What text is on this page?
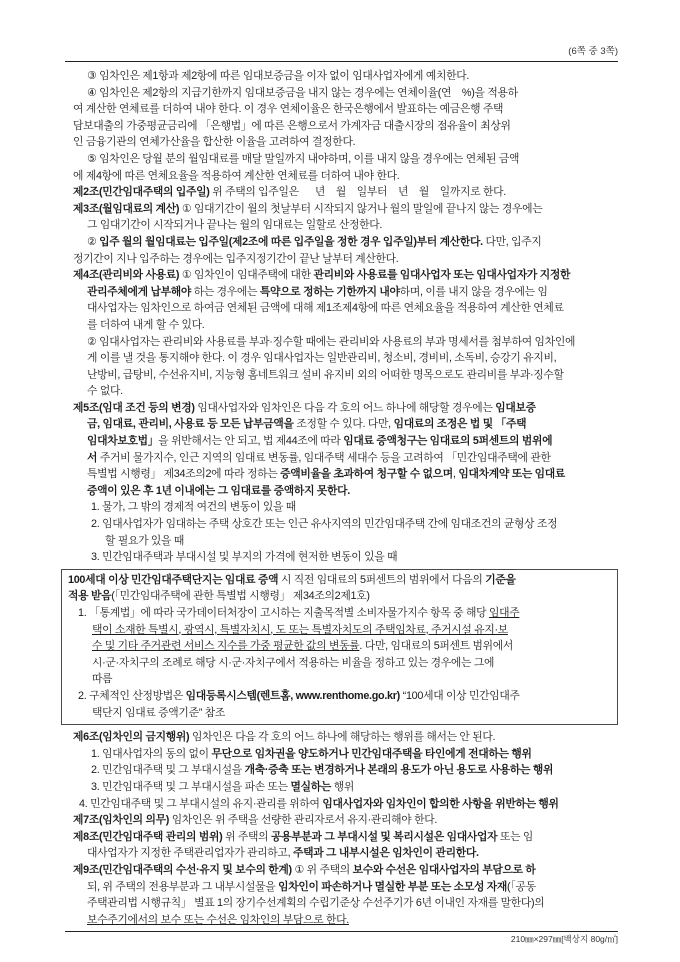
(6쪽 중 3쪽)
③ 임차인은 제1항과 제2항에 따른 임대보증금을 이자 없이 임대사업자에게 예치한다.
④ 임차인은 제2항의 지급기한까지 임대보증금을 내지 않는 경우에는 연체이율(연    %)을 적용하
여 계산한 연체료를 더하여 내야 한다. 이 경우 연체이율은 한국은행에서 발표하는 예금은행 주택
담보대출의 가중평균금리에 「은행법」에 따른 은행으로서 가계자금 대출시장의 점유율이 최상위
인 금융기관의 연체가산율을 합산한 이율을 고려하여 결정한다.
⑤ 임차인은 당월 분의 월임대료를 매달 말일까지 내야하며, 이를 내지 않을 경우에는 연체된 금액
에 제4항에 따른 연체요율을 적용하여 계산한 연체료를 더하여 내야 한다.
제2조(민간임대주택의 입주일) 위 주택의 입주일은      년    월    일부터    년    월    일까지로 한다.
제3조(월임대료의 계산) ① 임대기간이 월의 첫날부터 시작되지 않거나 월의 말일에 끝나지 않는 경우에는
그 임대기간이 시작되거나 끝나는 월의 임대료는 일할로 산정한다.
② 입주 월의 월임대료는 입주일(제2조에 따른 입주일을 정한 경우 입주일)부터 계산한다. 다만, 입주지
정기간이 지나 입주하는 경우에는 입주지정기간이 끝난 날부터 계산한다.
제4조(관리비와 사용료) ① 임차인이 임대주택에 대한 관리비와 사용료를 임대사업자 또는 임대사업자가 지정한
관리주체에게 납부해야 하는 경우에는 특약으로 정하는 기한까지 내야하며, 이를 내지 않을 경우에는 임
대사업자는 임차인으로 하여금 연체된 금액에 대해 제1조제4항에 따른 연체요율을 적용하여 계산한 연체료
를 더하여 내게 할 수 있다.
② 임대사업자는 관리비와 사용료를 부과·징수할 때에는 관리비와 사용료의 부과 명세서를 첨부하여 임차인에
게 이를 낼 것을 통지해야 한다. 이 경우 임대사업자는 일반관리비, 청소비, 경비비, 소독비, 승강기 유지비,
난방비, 급탕비, 수선유지비, 지능형 홈네트워크 설비 유지비 외의 어떠한 명목으로도 관리비를 부과·징수할
수 없다.
제5조(임대 조건 등의 변경) 임대사업자와 임차인은 다음 각 호의 어느 하나에 해당할 경우에는 임대보증
금, 임대료, 관리비, 사용료 등 모든 납부금액을 조정할 수 있다. 다만, 임대료의 조정은 법 및 「주택
임대차보호법」을 위반해서는 안 되고, 법 제44조에 따라 임대료 증액청구는 임대료의 5퍼센트의 범위에
서 주거비 물가지수, 인근 지역의 임대료 변동률, 임대주택 세대수 등을 고려하여 「민간임대주택에 관한
특별법 시행령」 제34조의2에 따라 정하는 증액비율을 초과하여 청구할 수 없으며, 임대차계약 또는 임대료
증액이 있은 후 1년 이내에는 그 임대료를 증액하지 못한다.
1. 물가, 그 밖의 경제적 여건의 변동이 있을 때
2. 임대사업자가 임대하는 주택 상호간 또는 인근 유사지역의 민간임대주택 간에 임대조건의 균형상 조정
할 필요가 있을 때
3. 민간임대주택과 부대시설 및 부지의 가격에 현저한 변동이 있을 때
100세대 이상 민간임대주택단지는 임대료 증액 시 직전 임대료의 5퍼센트의 범위에서 다음의 기준을
적용 받음(「민간임대주택에 관한 특별법 시행령」 제34조의2제1호)
1. 「통계법」에 따라 국가데이터처장이 고시하는 지출목적별 소비자물가지수 항목 중 해당 임대주
택이 소재한 특별시, 광역시, 특별자치시, 도 또는 특별자치도의 주택임차료, 주거시설 유지·보
수 및 기타 주거관련 서비스 지수를 가중 평균한 값의 변동률. 다만, 임대료의 5퍼센트 범위에서
시·군·자치구의 조례로 해당 시·군·자치구에서 적용하는 비율을 정하고 있는 경우에는 그에
따름
2. 구체적인 산정방법은 임대등록시스템(렌트홈, www.renthome.go.kr) “100세대 이상 민간임대주
택단지 임대료 증액기준” 참조
제6조(임차인의 금지행위) 임차인은 다음 각 호의 어느 하나에 해당하는 행위를 해서는 안 된다.
1. 임대사업자의 동의 없이 무단으로 임차권을 양도하거나 민간임대주택을 타인에게 전대하는 행위
2. 민간임대주택 및 그 부대시설을 개축·증축 또는 변경하거나 본래의 용도가 아닌 용도로 사용하는 행위
3. 민간임대주택 및 그 부대시설을 파손 또는 멸실하는 행위
4. 민간임대주택 및 그 부대시설의 유지·관리를 위하여 임대사업자와 임차인이 합의한 사항을 위반하는 행위
제7조(임차인의 의무) 임차인은 위 주택을 선량한 관리자로서 유지·관리해야 한다.
제8조(민간임대주택 관리의 범위) 위 주택의 공용부분과 그 부대시설 및 복리시설은 임대사업자 또는 임
대사업자가 지정한 주택관리업자가 관리하고, 주택과 그 내부시설은 임차인이 관리한다.
제9조(민간임대주택의 수선·유지 및 보수의 한계) ① 위 주택의 보수와 수선은 임대사업자의 부담으로 하
되, 위 주택의 전용부분과 그 내부시설물을 임차인이 파손하거나 멸실한 부분 또는 소모성 자재(「공동
주택관리법 시행규칙」 별표 1의 장기수선계획의 수립기준상 수선주기가 6년 이내인 자재를 말한다)의
보수주기에서의 보수 또는 수선은 임차인의 부담으로 한다.
210㎜×297㎜[백상지 80g/㎡]
